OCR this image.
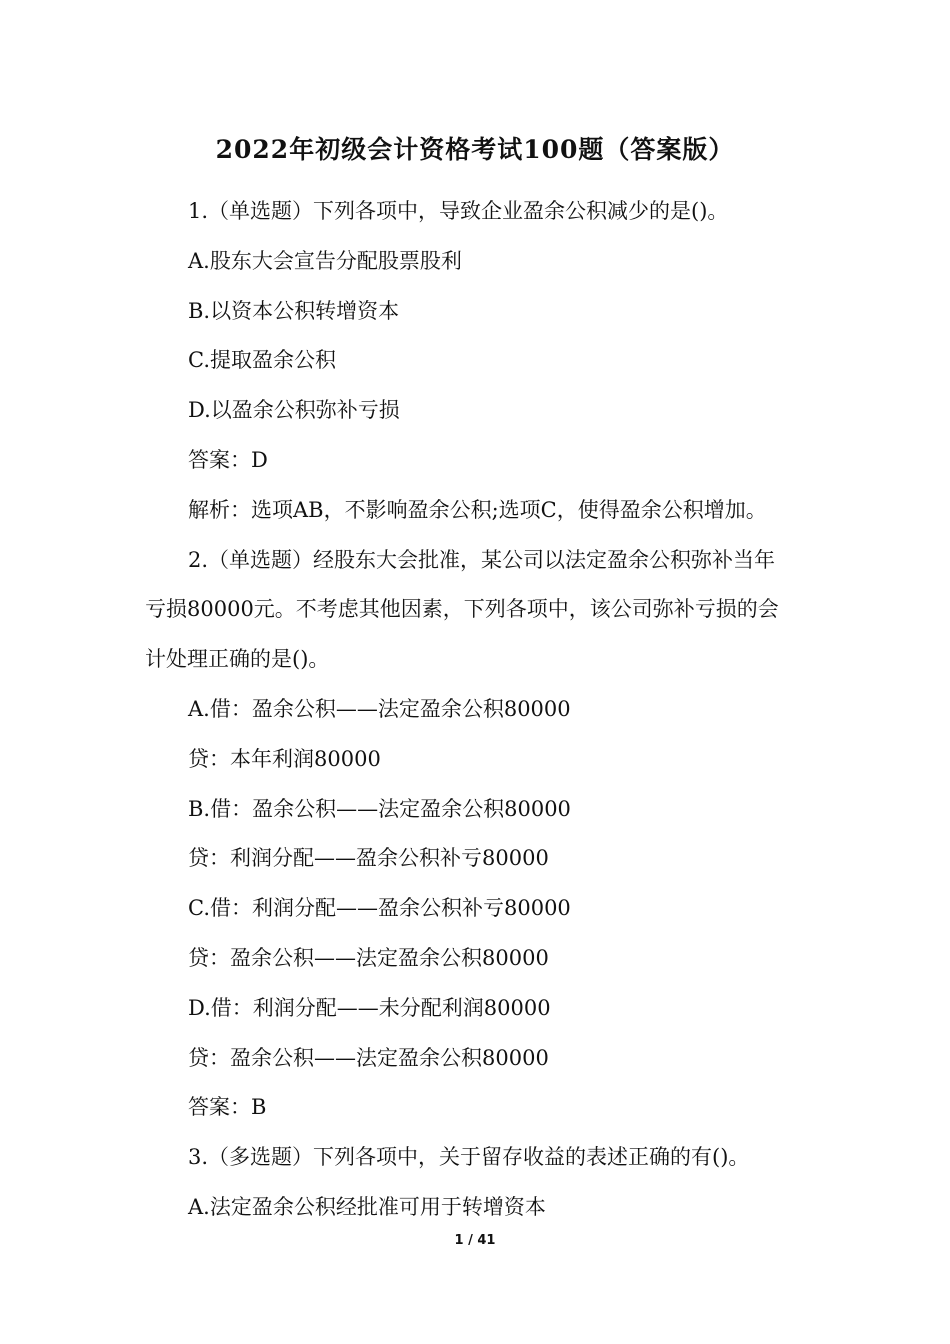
2022年初级会计资格考试100题（答案版）
1.（单选题）下列各项中，导致企业盈余公积减少的是()。
A.股东大会宣告分配股票股利
B.以资本公积转增资本
C.提取盈余公积
D.以盈余公积弥补亏损
答案：D
解析：选项AB，不影响盈余公积;选项C，使得盈余公积增加。
2.（单选题）经股东大会批准，某公司以法定盈余公积弥补当年
亏损80000元。不考虑其他因素，下列各项中，该公司弥补亏损的会
计处理正确的是()。
A.借：盈余公积——法定盈余公积80000
贷：本年利润80000
B.借：盈余公积——法定盈余公积80000
贷：利润分配——盈余公积补亏80000
C.借：利润分配——盈余公积补亏80000
贷：盈余公积——法定盈余公积80000
D.借：利润分配——未分配利润80000
贷：盈余公积——法定盈余公积80000
答案：B
3.（多选题）下列各项中，关于留存收益的表述正确的有()。
A.法定盈余公积经批准可用于转增资本
1 / 41
